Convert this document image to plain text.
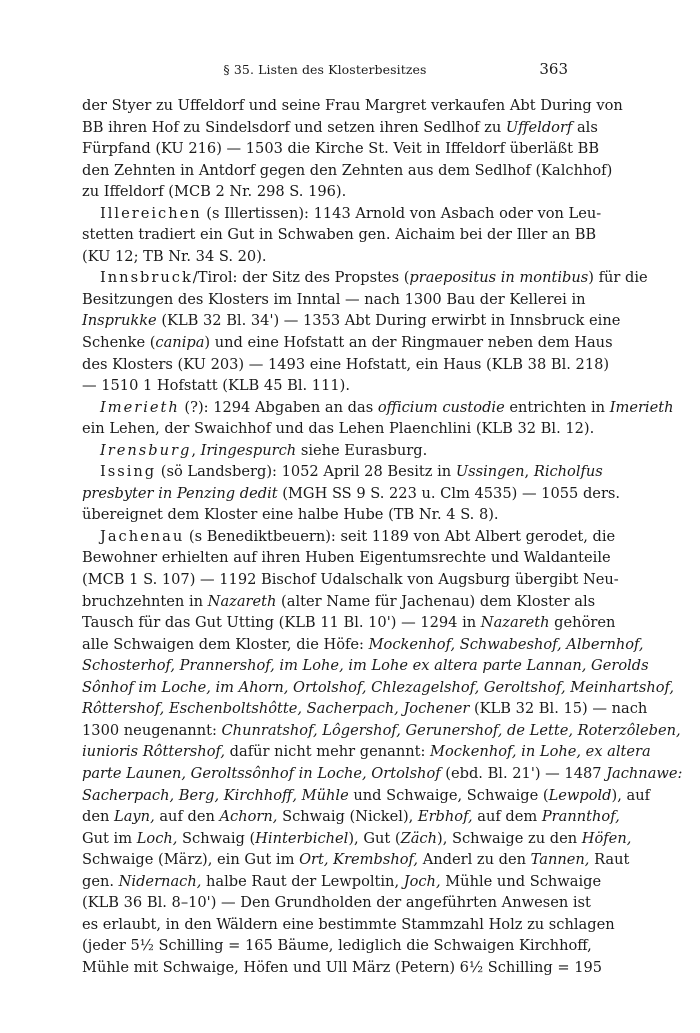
§ 35. Listen des Klosterbesitzes	363
der Styer zu Uffeldorf und seine Frau Margret verkaufen Abt During von
BB ihren Hof zu Sindelsdorf und setzen ihren Sedlhof zu Uffeldorf als
Fürpfand (KU 216) — 1503 die Kirche St. Veit in Iffeldorf überläßt BB
den Zehnten in Antdorf gegen den Zehnten aus dem Sedlhof (Kalchhof)
zu Iffeldorf (MCB 2 Nr. 298 S. 196).
Illereichen (s Illertissen): 1143 Arnold von Asbach oder von Leu-
stetten tradiert ein Gut in Schwaben gen. Aichaim bei der Iller an BB
(KU 12; TB Nr. 34 S. 20).
Innsbruck/Tirol: der Sitz des Propstes (praepositus in montibus) für die
Besitzungen des Klosters im Inntal — nach 1300 Bau der Kellerei in
Insprukke (KLB 32 Bl. 34') — 1353 Abt During erwirbt in Innsbruck eine
Schenke (canipa) und eine Hofstatt an der Ringmauer neben dem Haus
des Klosters (KU 203) — 1493 eine Hofstatt, ein Haus (KLB 38 Bl. 218)
— 1510 1 Hofstatt (KLB 45 Bl. 111).
Imerieth (?): 1294 Abgaben an das officium custodie entrichten in Imerieth
ein Lehen, der Swaichhof und das Lehen Plaenchlini (KLB 32 Bl. 12).
Irensburg, Iringespurch siehe Eurasburg.
Issing (sö Landsberg): 1052 April 28 Besitz in Ussingen, Richolfus
presbyter in Penzing dedit (MGH SS 9 S. 223 u. Clm 4535) — 1055 ders.
übereignet dem Kloster eine halbe Hube (TB Nr. 4 S. 8).
Jachenau (s Benediktbeuern): seit 1189 von Abt Albert gerodet, die
Bewohner erhielten auf ihren Huben Eigentumsrechte und Waldanteile
(MCB 1 S. 107) — 1192 Bischof Udalschalk von Augsburg übergibt Neu-
bruchzehnten in Nazareth (alter Name für Jachenau) dem Kloster als
Tausch für das Gut Utting (KLB 11 Bl. 10') — 1294 in Nazareth gehören
alle Schwaigen dem Kloster, die Höfe: Mockenhof, Schwabeshof, Albernhof,
Schosterhof, Prannershof, im Lohe, im Lohe ex altera parte Lannan, Gerolds
Sônhof im Loche, im Ahorn, Ortolshof, Chlezagelshof, Geroltshof, Meinhartshof,
Rôttershof, Eschenboltshôtte, Sacherpach, Jochener (KLB 32 Bl. 15) — nach
1300 neugenannt: Chunratshof, Lôgershof, Gerunershof, de Lette, Roterzôleben,
iunioris Rôttershof, dafür nicht mehr genannt: Mockenhof, in Lohe, ex altera
parte Launen, Geroltssônhof in Loche, Ortolshof (ebd. Bl. 21') — 1487 Jachnawe:
Sacherpach, Berg, Kirchhoff, Mühle und Schwaige, Schwaige (Lewpold), auf
den Layn, auf den Achorn, Schwaig (Nickel), Erbhof, auf dem Prannthof,
Gut im Loch, Schwaig (Hinterbichel), Gut (Zäch), Schwaige zu den Höfen,
Schwaige (März), ein Gut im Ort, Krembshof, Anderl zu den Tannen, Raut
gen. Nidernach, halbe Raut der Lewpoltin, Joch, Mühle und Schwaige
(KLB 36 Bl. 8–10') — Den Grundholden der angeführten Anwesen ist
es erlaubt, in den Wäldern eine bestimmte Stammzahl Holz zu schlagen
(jeder 5½ Schilling = 165 Bäume, lediglich die Schwaigen Kirchhoff,
Mühle mit Schwaige, Höfen und Ull März (Petern) 6½ Schilling = 195
